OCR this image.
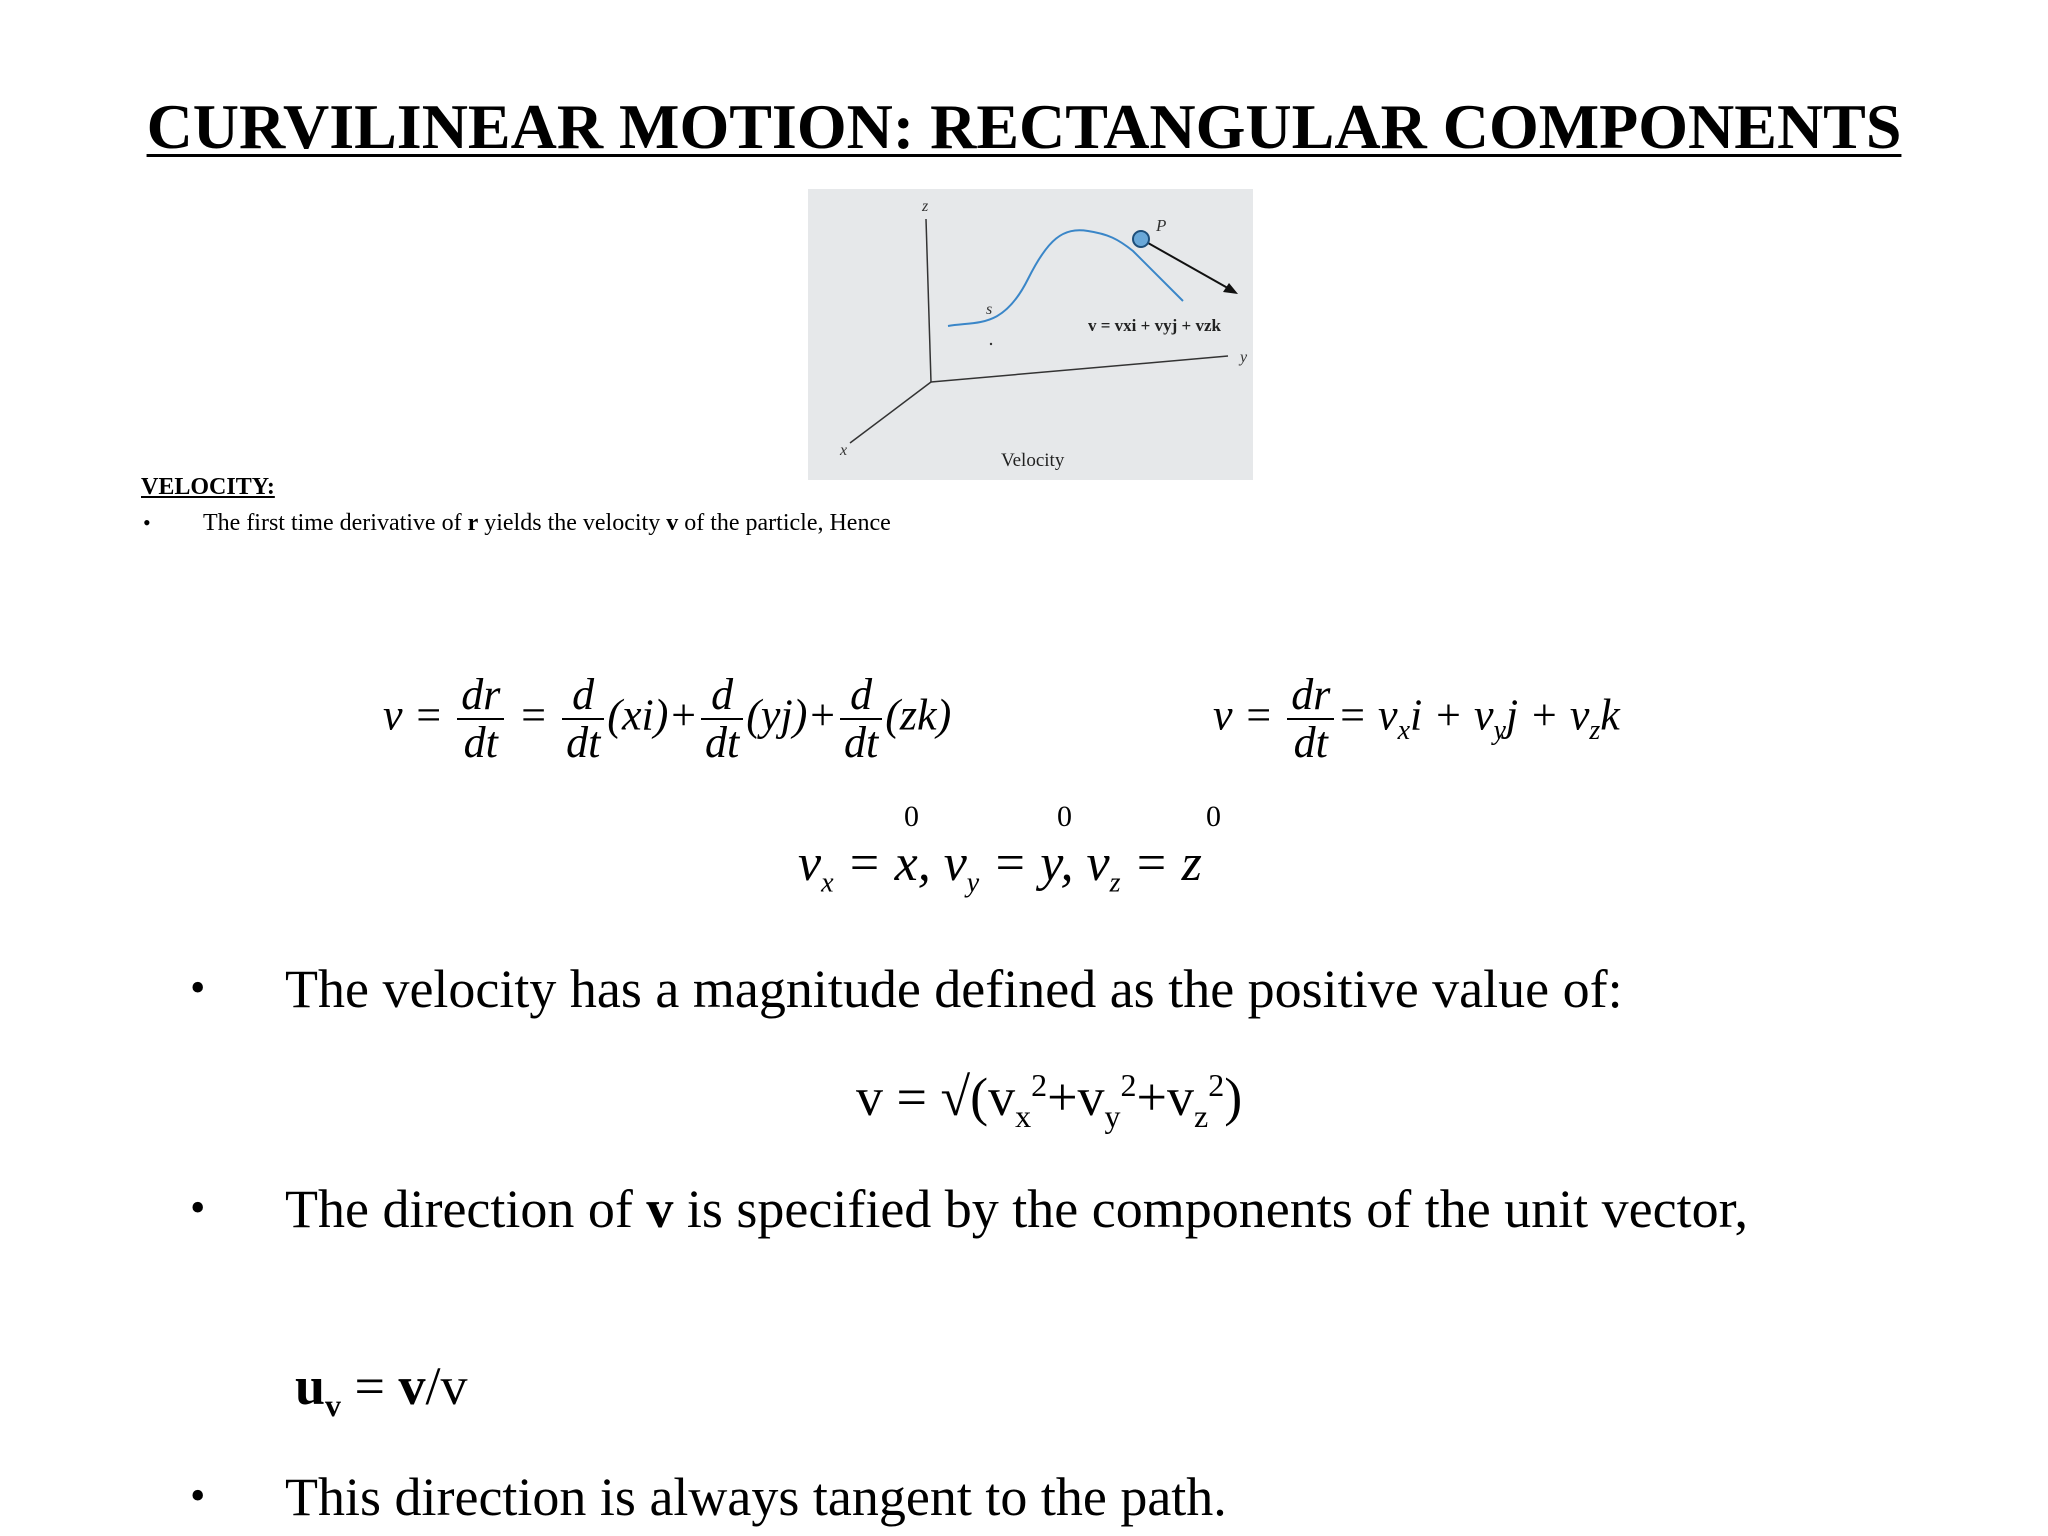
CURVILINEAR MOTION: RECTANGULAR COMPONENTS
z
y
x
s
P
v = vxi + vyj + vzk
Velocity
VELOCITY:
• The first time derivative of r yields the velocity v of the particle, Hence
$v = \frac{dr}{dt} = \frac{d}{dt} (xi)+ \frac{d}{dt} (yj)+ \frac{d}{dt} (zk)$	$v = \frac{dr}{dt} = v_xi + v_yj + v_zk$
0	0	0
$v_x = x$, $v_y = y$, $v_z = z$
• The velocity has a magnitude defined as the positive value of:
$v = √(v_x^2+v_y^2+v_z^2)$
• The direction of v is specified by the components of the unit vector,
$u_v = v/v$
• This direction is always tangent to the path.
